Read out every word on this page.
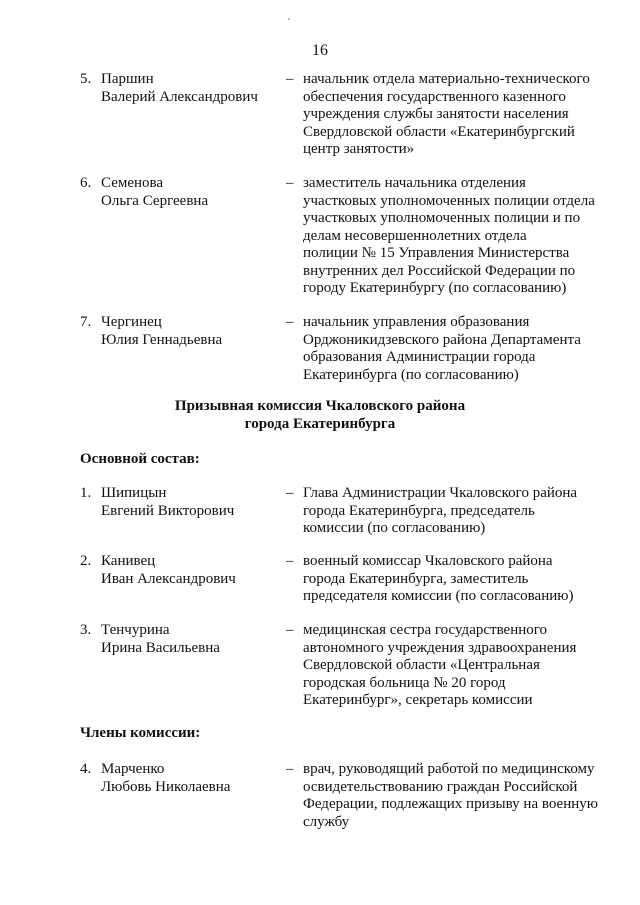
16
5. Паршин
Валерий Александрович
– начальник отдела материально-технического
обеспечения государственного казенного
учреждения службы занятости населения
Свердловской области «Екатеринбургский
центр занятости»
6. Семенова
Ольга Сергеевна
– заместитель начальника отделения
участковых уполномоченных полиции отдела
участковых уполномоченных полиции и по
делам несовершеннолетних отдела
полиции № 15 Управления Министерства
внутренних дел Российской Федерации по
городу Екатеринбургу (по согласованию)
7. Чергинец
Юлия Геннадьевна
– начальник управления образования
Орджоникидзевского района Департамента
образования Администрации города
Екатеринбурга (по согласованию)
Призывная комиссия Чкаловского района
города Екатеринбурга
Основной состав:
1. Шипицын
Евгений Викторович
– Глава Администрации Чкаловского района
города Екатеринбурга, председатель
комиссии (по согласованию)
2. Канивец
Иван Александрович
– военный комиссар Чкаловского района
города Екатеринбурга, заместитель
председателя комиссии (по согласованию)
3. Тенчурина
Ирина Васильевна
– медицинская сестра государственного
автономного учреждения здравоохранения
Свердловской области «Центральная
городская больница № 20 город
Екатеринбург», секретарь комиссии
Члены комиссии:
4. Марченко
Любовь Николаевна
– врач, руководящий работой по медицинскому
освидетельствованию граждан Российской
Федерации, подлежащих призыву на военную
службу
